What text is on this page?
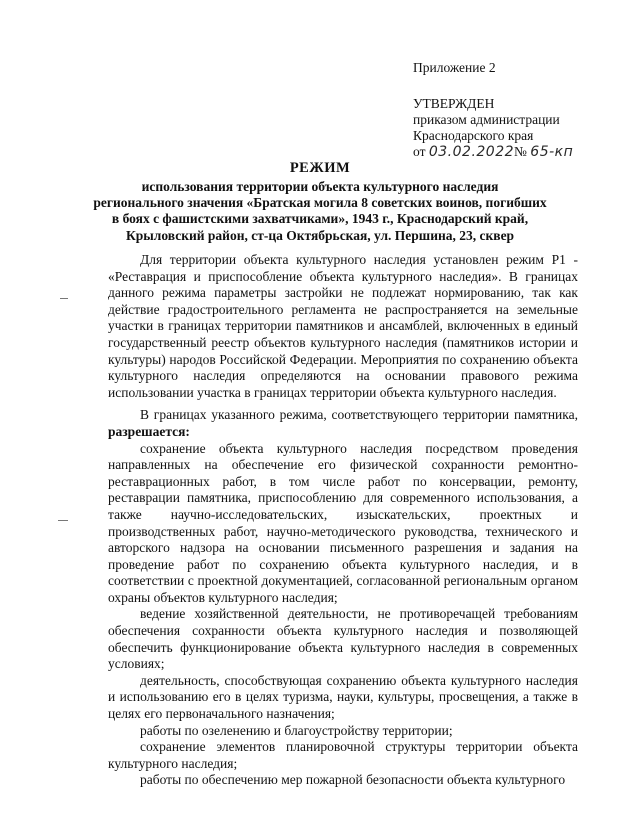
Приложение 2
УТВЕРЖДЕН
приказом администрации
Краснодарского края
от 03.02.2022№ 65-кп
РЕЖИМ
использования территории объекта культурного наследия
регионального значения «Братская могила 8 советских воинов, погибших
в боях с фашистскими захватчиками», 1943 г., Краснодарский край,
Крыловский район, ст-ца Октябрьская, ул. Першина, 23, сквер

Для территории объекта культурного наследия установлен режим Р1 - «Реставрация и приспособление объекта культурного наследия». В границах данного режима параметры застройки не подлежат нормированию, так как действие градостроительного регламента не распространяется на земельные участки в границах территории памятников и ансамблей, включенных в единый государственный реестр объектов культурного наследия (памятников истории и культуры) народов Российской Федерации. Мероприятия по сохранению объекта культурного наследия определяются на основании правового режима использовании участка в границах территории объекта культурного наследия.

В границах указанного режима, соответствующего территории памятника, разрешается:

сохранение объекта культурного наследия посредством проведения направленных на обеспечение его физической сохранности ремонтно-реставрационных работ, в том числе работ по консервации, ремонту, реставрации памятника, приспособлению для современного использования, а также научно-исследовательских, изыскательских, проектных и производственных работ, научно-методического руководства, технического и авторского надзора на основании письменного разрешения и задания на проведение работ по сохранению объекта культурного наследия, и в соответствии с проектной документацией, согласованной региональным органом охраны объектов культурного наследия;

ведение хозяйственной деятельности, не противоречащей требованиям обеспечения сохранности объекта культурного наследия и позволяющей обеспечить функционирование объекта культурного наследия в современных условиях;

деятельность, способствующая сохранению объекта культурного наследия и использованию его в целях туризма, науки, культуры, просвещения, а также в целях его первоначального назначения;

работы по озеленению и благоустройству территории;

сохранение элементов планировочной структуры территории объекта культурного наследия;

работы по обеспечению мер пожарной безопасности объекта культурного
